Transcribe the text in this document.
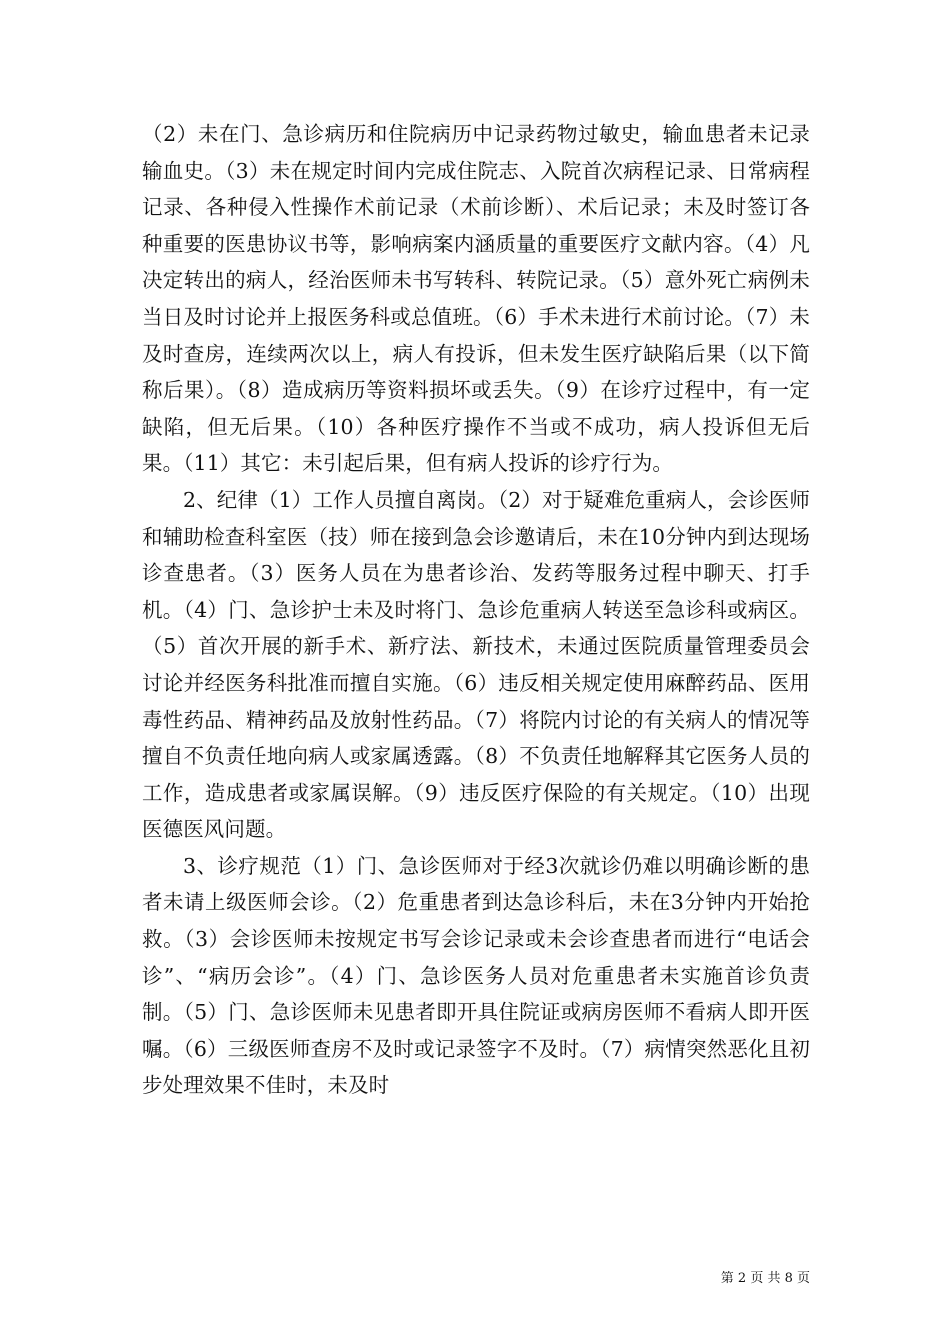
（2）未在门、急诊病历和住院病历中记录药物过敏史，输血患者未记录输血史。（3）未在规定时间内完成住院志、入院首次病程记录、日常病程记录、各种侵入性操作术前记录（术前诊断）、术后记录；未及时签订各种重要的医患协议书等，影响病案内涵质量的重要医疗文献内容。（4）凡决定转出的病人，经治医师未书写转科、转院记录。（5）意外死亡病例未当日及时讨论并上报医务科或总值班。（6）手术未进行术前讨论。（7）未及时查房，连续两次以上，病人有投诉，但未发生医疗缺陷后果（以下简称后果）。（8）造成病历等资料损坏或丢失。（9）在诊疗过程中，有一定缺陷，但无后果。（10）各种医疗操作不当或不成功，病人投诉但无后果。（11）其它：未引起后果，但有病人投诉的诊疗行为。

2、纪律（1）工作人员擅自离岗。（2）对于疑难危重病人，会诊医师和辅助检查科室医（技）师在接到急会诊邀请后，未在10分钟内到达现场诊查患者。（3）医务人员在为患者诊治、发药等服务过程中聊天、打手机。（4）门、急诊护士未及时将门、急诊危重病人转送至急诊科或病区。（5）首次开展的新手术、新疗法、新技术，未通过医院质量管理委员会讨论并经医务科批准而擅自实施。（6）违反相关规定使用麻醉药品、医用毒性药品、精神药品及放射性药品。（7）将院内讨论的有关病人的情况等擅自不负责任地向病人或家属透露。（8）不负责任地解释其它医务人员的工作，造成患者或家属误解。（9）违反医疗保险的有关规定。（10）出现医德医风问题。

3、诊疗规范（1）门、急诊医师对于经3次就诊仍难以明确诊断的患者未请上级医师会诊。（2）危重患者到达急诊科后，未在3分钟内开始抢救。（3）会诊医师未按规定书写会诊记录或未会诊查患者而进行“电话会诊”、“病历会诊”。（4）门、急诊医务人员对危重患者未实施首诊负责制。（5）门、急诊医师未见患者即开具住院证或病房医师不看病人即开医嘱。（6）三级医师查房不及时或记录签字不及时。（7）病情突然恶化且初步处理效果不佳时，未及时

第 2 页 共 8 页
